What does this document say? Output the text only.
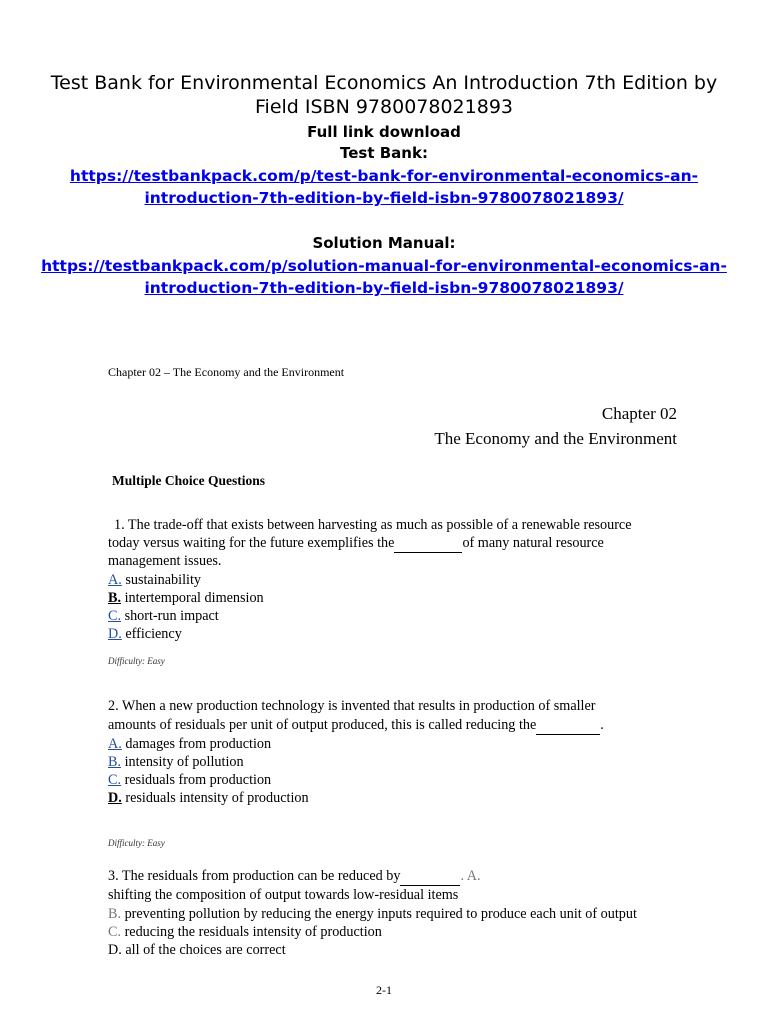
Test Bank for Environmental Economics An Introduction 7th Edition by
Field ISBN 9780078021893
Full link download
Test Bank:
https://testbankpack.com/p/test-bank-for-environmental-economics-an-
introduction-7th-edition-by-field-isbn-9780078021893/
Solution Manual:
https://testbankpack.com/p/solution-manual-for-environmental-economics-an-
introduction-7th-edition-by-field-isbn-9780078021893/
Chapter 02 – The Economy and the Environment
Chapter 02
The Economy and the Environment
Multiple Choice Questions
1. The trade-off that exists between harvesting as much as possible of a renewable resource
today versus waiting for the future exemplifies the	of many natural resource
management issues.
A. sustainability
B. intertemporal dimension
C. short-run impact
D. efficiency
Difficulty: Easy
2. When a new production technology is invented that results in production of smaller
amounts of residuals per unit of output produced, this is called reducing the	.
A. damages from production
B. intensity of pollution
C. residuals from production
D. residuals intensity of production
Difficulty: Easy
3. The residuals from production can be reduced by	. A.
shifting the composition of output towards low-residual items
B. preventing pollution by reducing the energy inputs required to produce each unit of output
C. reducing the residuals intensity of production
D. all of the choices are correct
2-1
